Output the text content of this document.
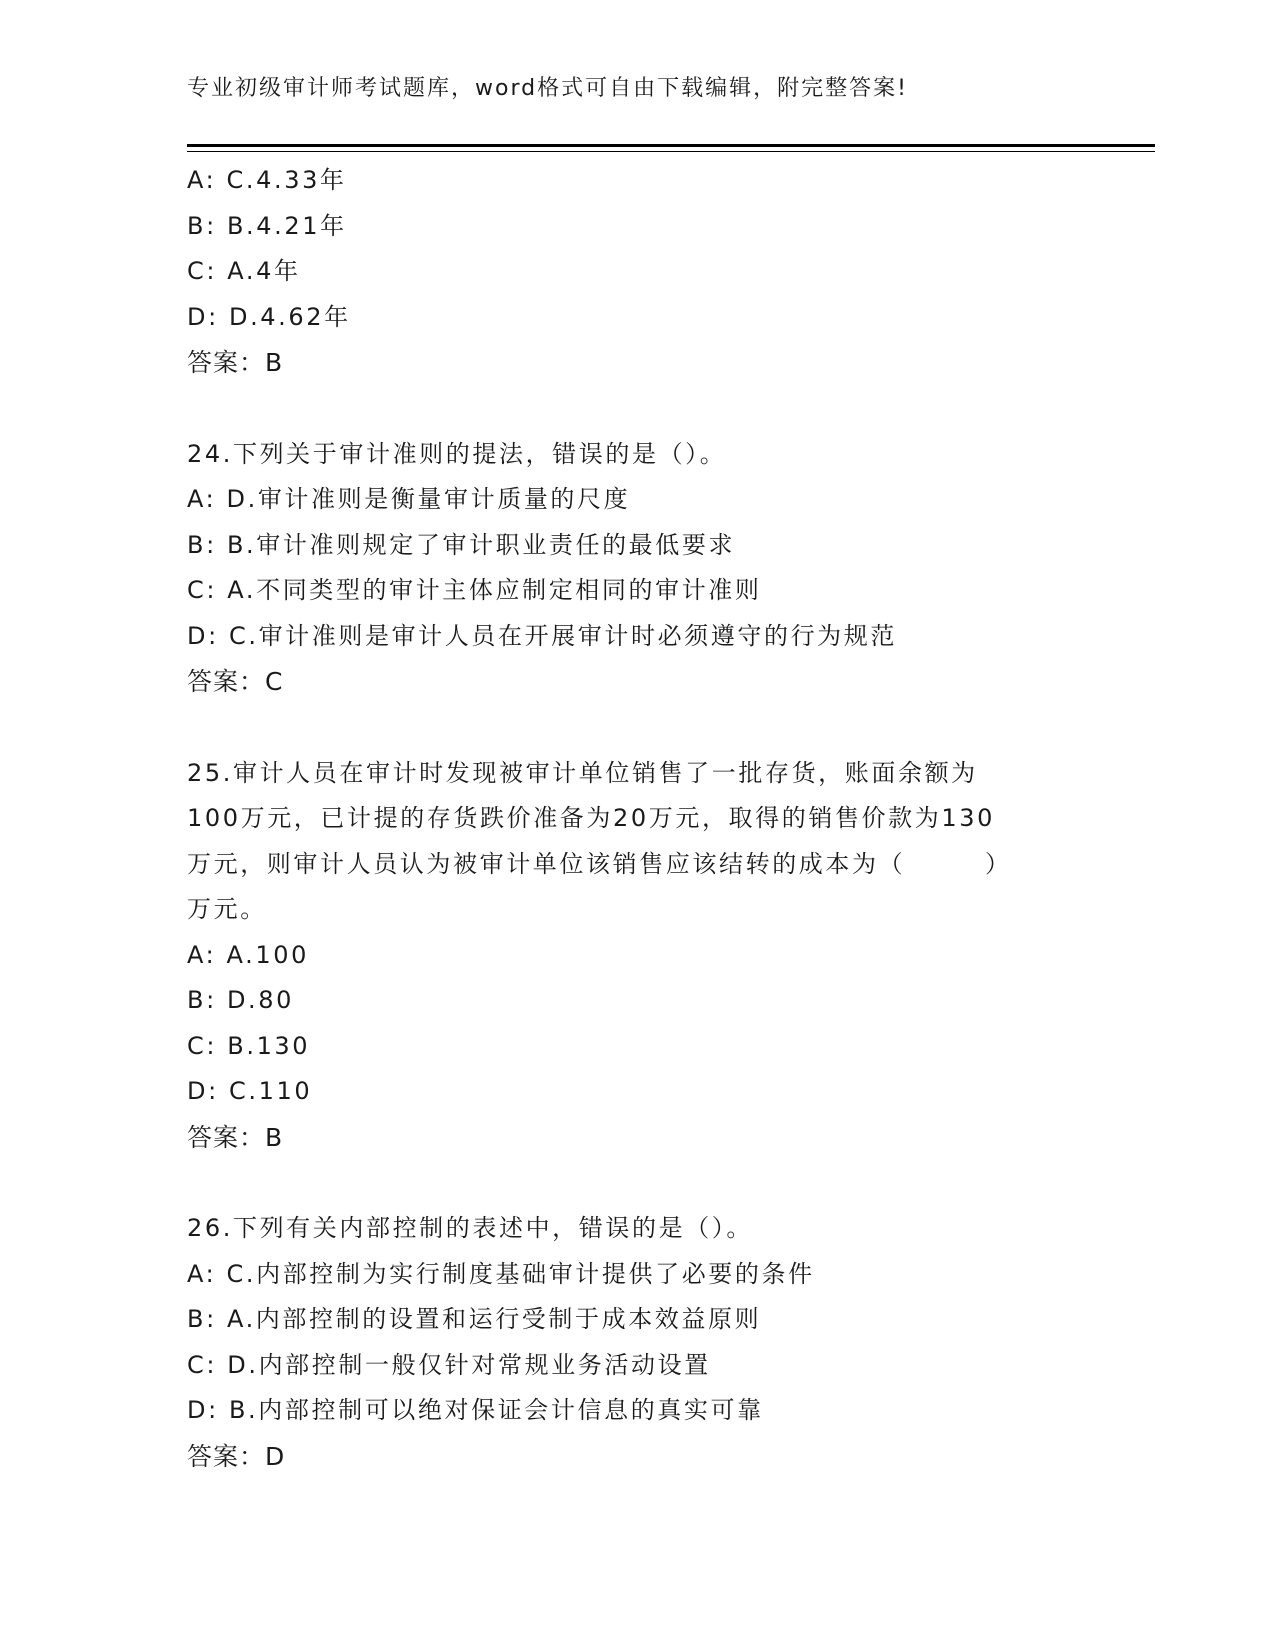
专业初级审计师考试题库，word格式可自由下载编辑，附完整答案!
A: C.4.33年
B: B.4.21年
C: A.4年
D: D.4.62年
答案：B
24.下列关于审计准则的提法，错误的是（）。
A: D.审计准则是衡量审计质量的尺度
B: B.审计准则规定了审计职业责任的最低要求
C: A.不同类型的审计主体应制定相同的审计准则
D: C.审计准则是审计人员在开展审计时必须遵守的行为规范
答案：C
25.审计人员在审计时发现被审计单位销售了一批存货，账面余额为
100万元，已计提的存货跌价准备为20万元，取得的销售价款为130
万元，则审计人员认为被审计单位该销售应该结转的成本为（　　　）
万元。
A: A.100
B: D.80
C: B.130
D: C.110
答案：B
26.下列有关内部控制的表述中，错误的是（）。
A: C.内部控制为实行制度基础审计提供了必要的条件
B: A.内部控制的设置和运行受制于成本效益原则
C: D.内部控制一般仅针对常规业务活动设置
D: B.内部控制可以绝对保证会计信息的真实可靠
答案：D
